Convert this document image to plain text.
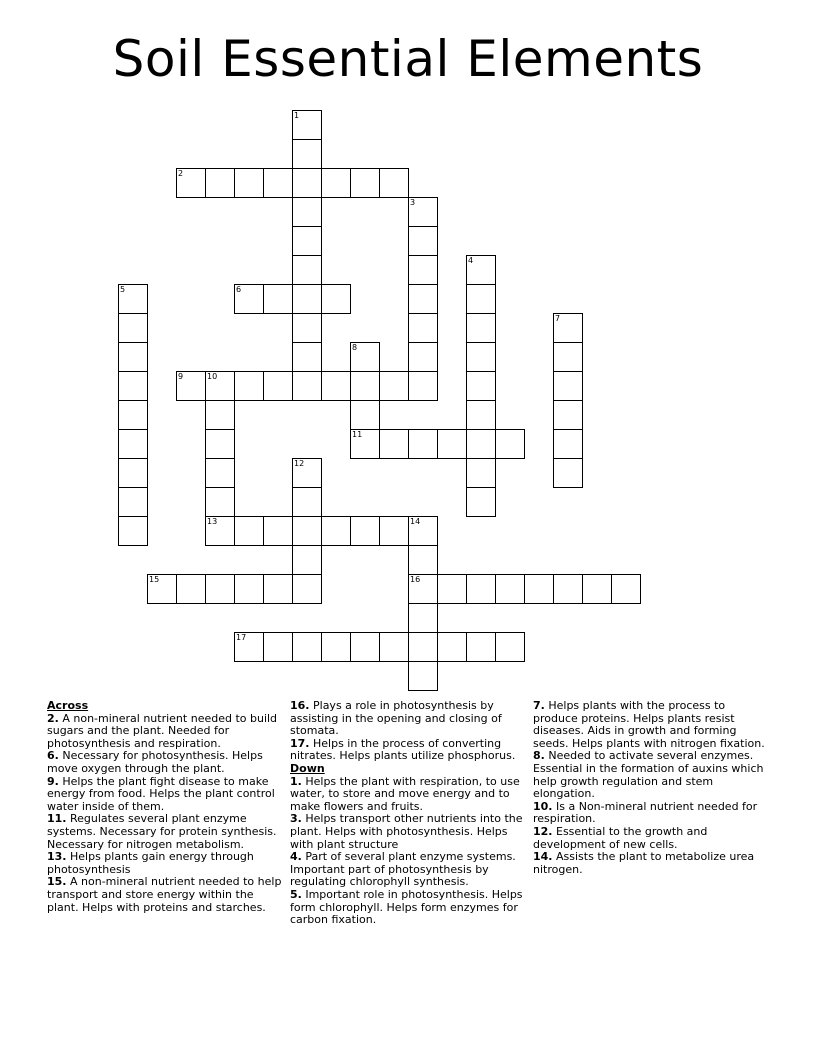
Soil Essential Elements
1
2
3
4
5	6
7
8
11
9	10
13
12
14
16
15
17
Across
2. A non-mineral nutrient needed to build sugars and the plant. Needed for photosynthesis and respiration.
6. Necessary for photosynthesis. Helps move oxygen through the plant.
9. Helps the plant fight disease to make energy from food. Helps the plant control water inside of them.
11. Regulates several plant enzyme systems. Necessary for protein synthesis. Necessary for nitrogen metabolism.
13. Helps plants gain energy through photosynthesis
15. A non-mineral nutrient needed to help transport and store energy within the plant. Helps with proteins and starches.
16. Plays a role in photosynthesis by assisting in the opening and closing of stomata.
17. Helps in the process of converting nitrates. Helps plants utilize phosphorus.
Down
1. Helps the plant with respiration, to use water, to store and move energy and to make flowers and fruits.
3. Helps transport other nutrients into the plant. Helps with photosynthesis. Helps with plant structure
4. Part of several plant enzyme systems. Important part of photosynthesis by regulating chlorophyll synthesis.
5. Important role in photosynthesis. Helps form chlorophyll. Helps form enzymes for carbon fixation.
7. Helps plants with the process to produce proteins. Helps plants resist diseases. Aids in growth and forming seeds. Helps plants with nitrogen fixation.
8. Needed to activate several enzymes. Essential in the formation of auxins which help growth regulation and stem elongation.
10. Is a Non-mineral nutrient needed for respiration.
12. Essential to the growth and development of new cells.
14. Assists the plant to metabolize urea nitrogen.
